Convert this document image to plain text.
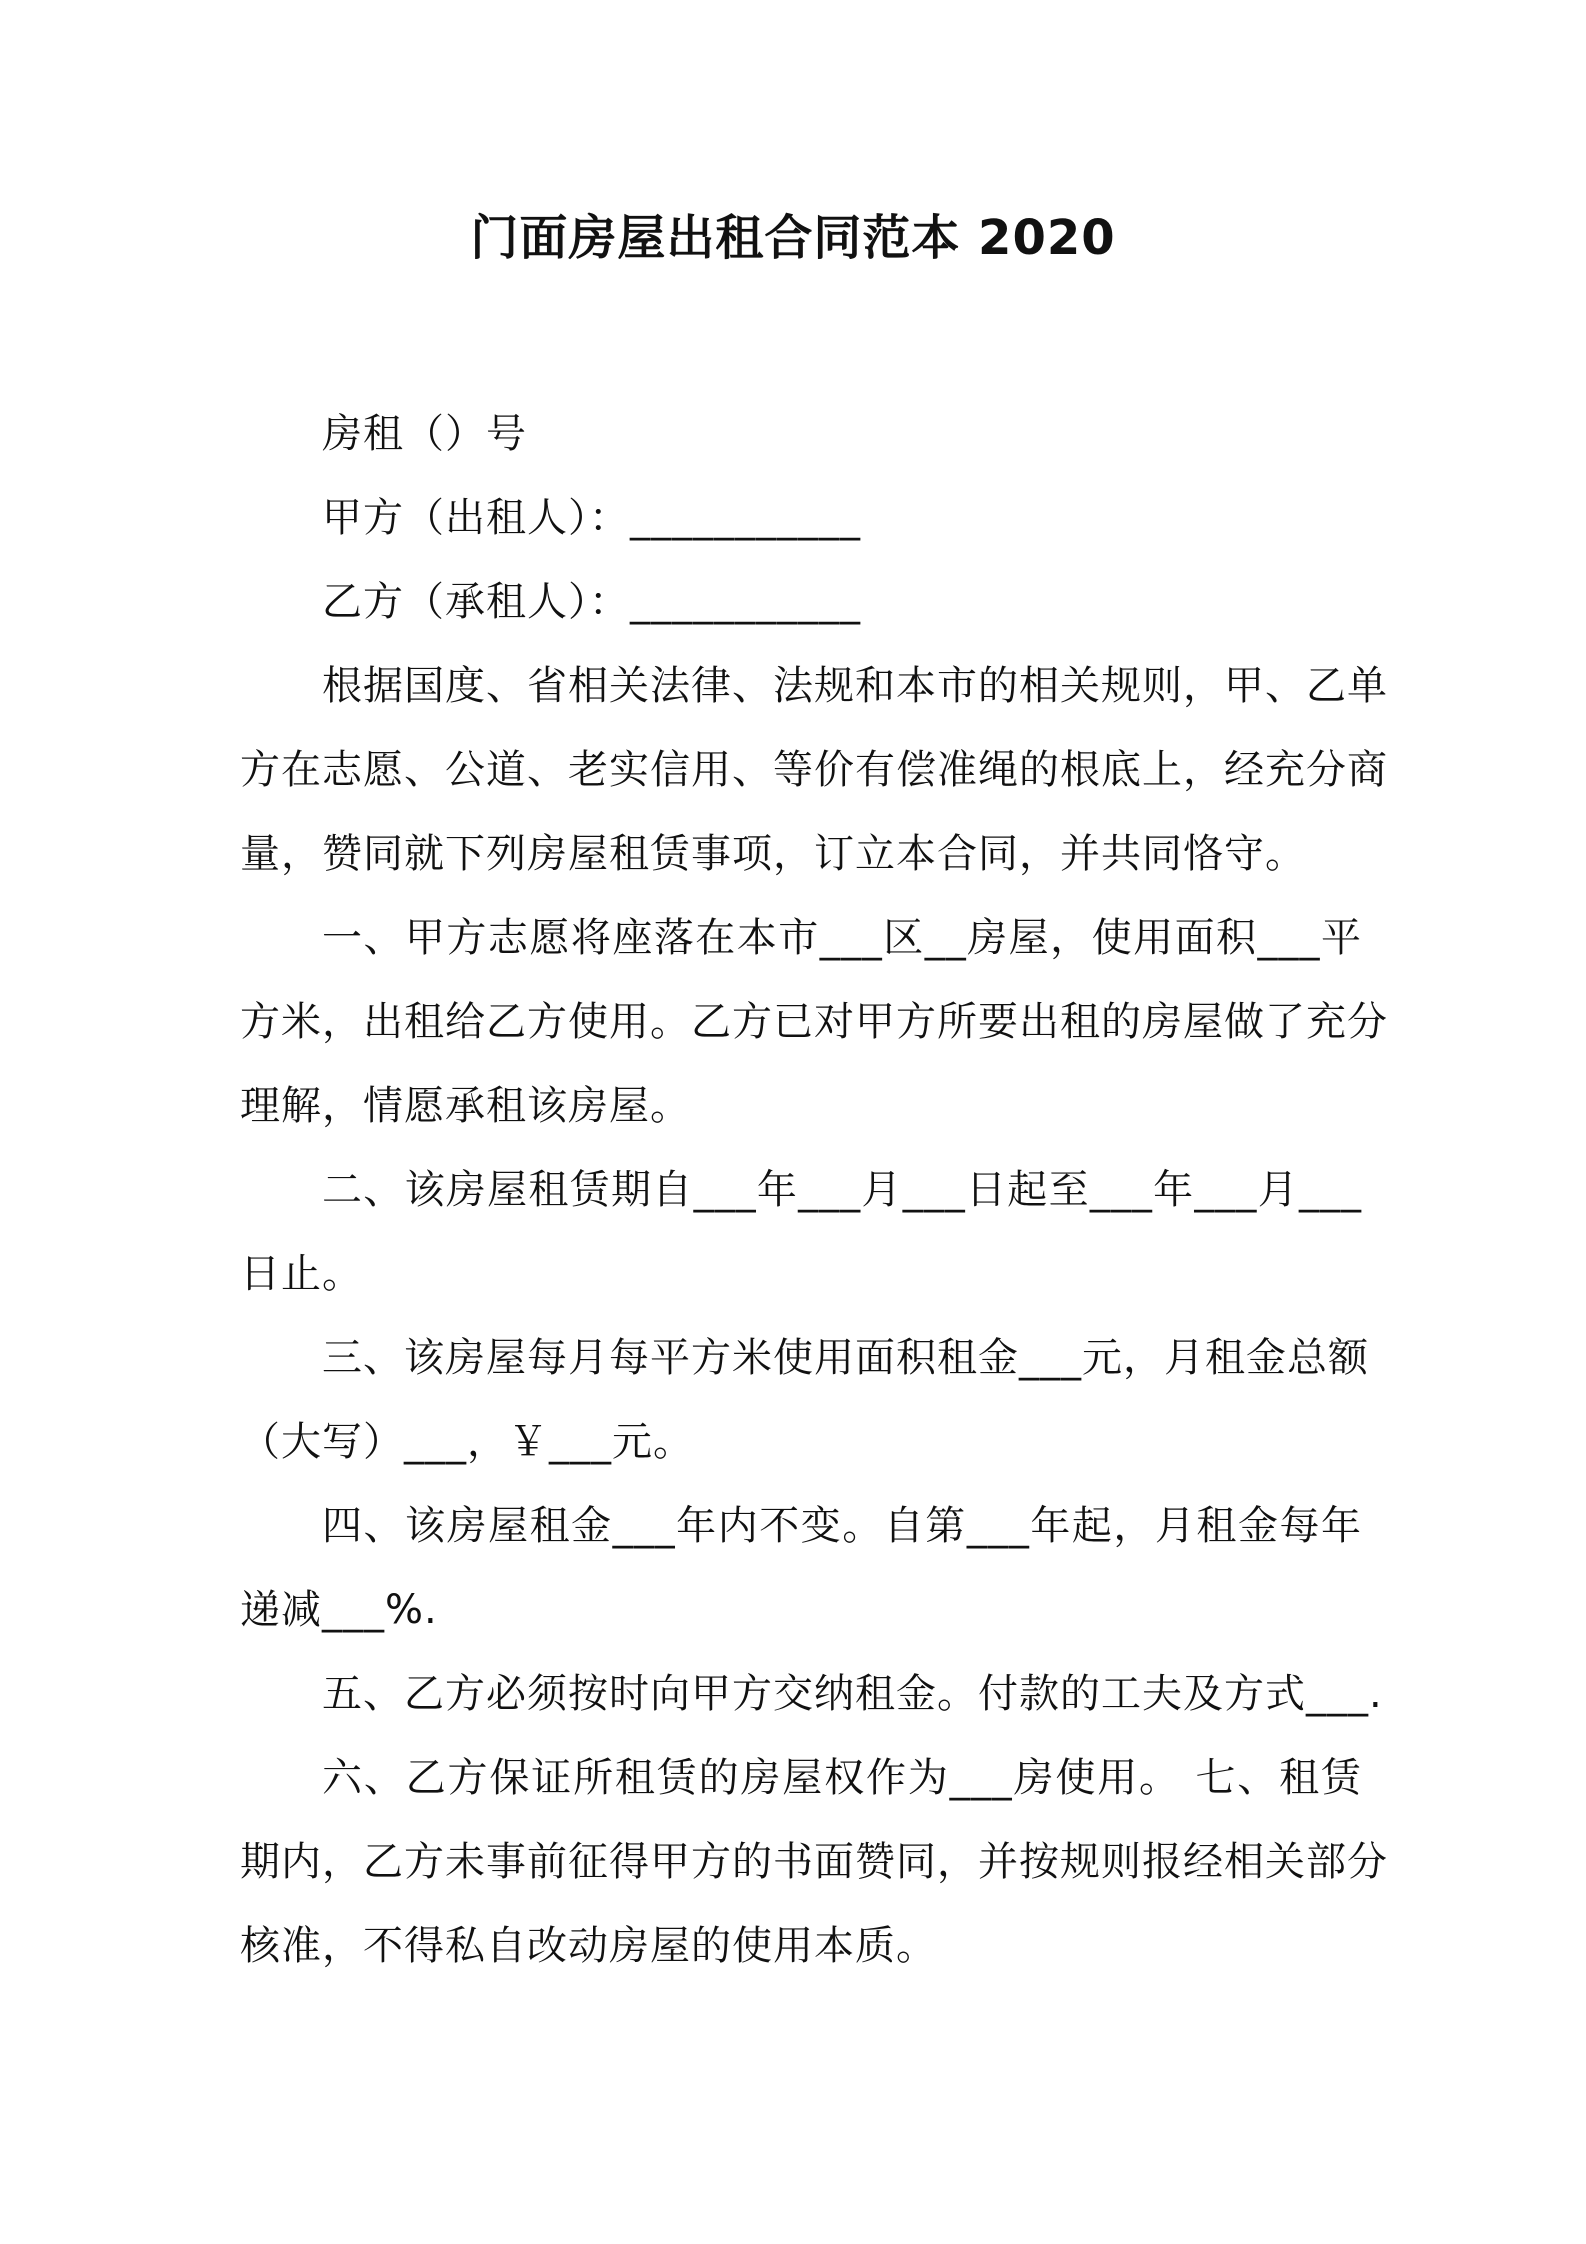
门面房屋出租合同范本 2020
房租（）号
甲方（出租人）：___________
乙方（承租人）：___________
根据国度、省相关法律、法规和本市的相关规则，甲、乙单
方在志愿、公道、老实信用、等价有偿准绳的根底上，经充分商
量，赞同就下列房屋租赁事项，订立本合同，并共同恪守。
一、甲方志愿将座落在本市___区__房屋，使用面积___平
方米，出租给乙方使用。乙方已对甲方所要出租的房屋做了充分
理解，情愿承租该房屋。
二、该房屋租赁期自___年___月___日起至___年___月___
日止。
三、该房屋每月每平方米使用面积租金___元，月租金总额
（大写）___，￥___元。
四、该房屋租金___年内不变。自第___年起，月租金每年
递减___%.
五、乙方必须按时向甲方交纳租金。付款的工夫及方式___.
六、乙方保证所租赁的房屋权作为___房使用。 七、租赁
期内，乙方未事前征得甲方的书面赞同，并按规则报经相关部分
核准，不得私自改动房屋的使用本质。
